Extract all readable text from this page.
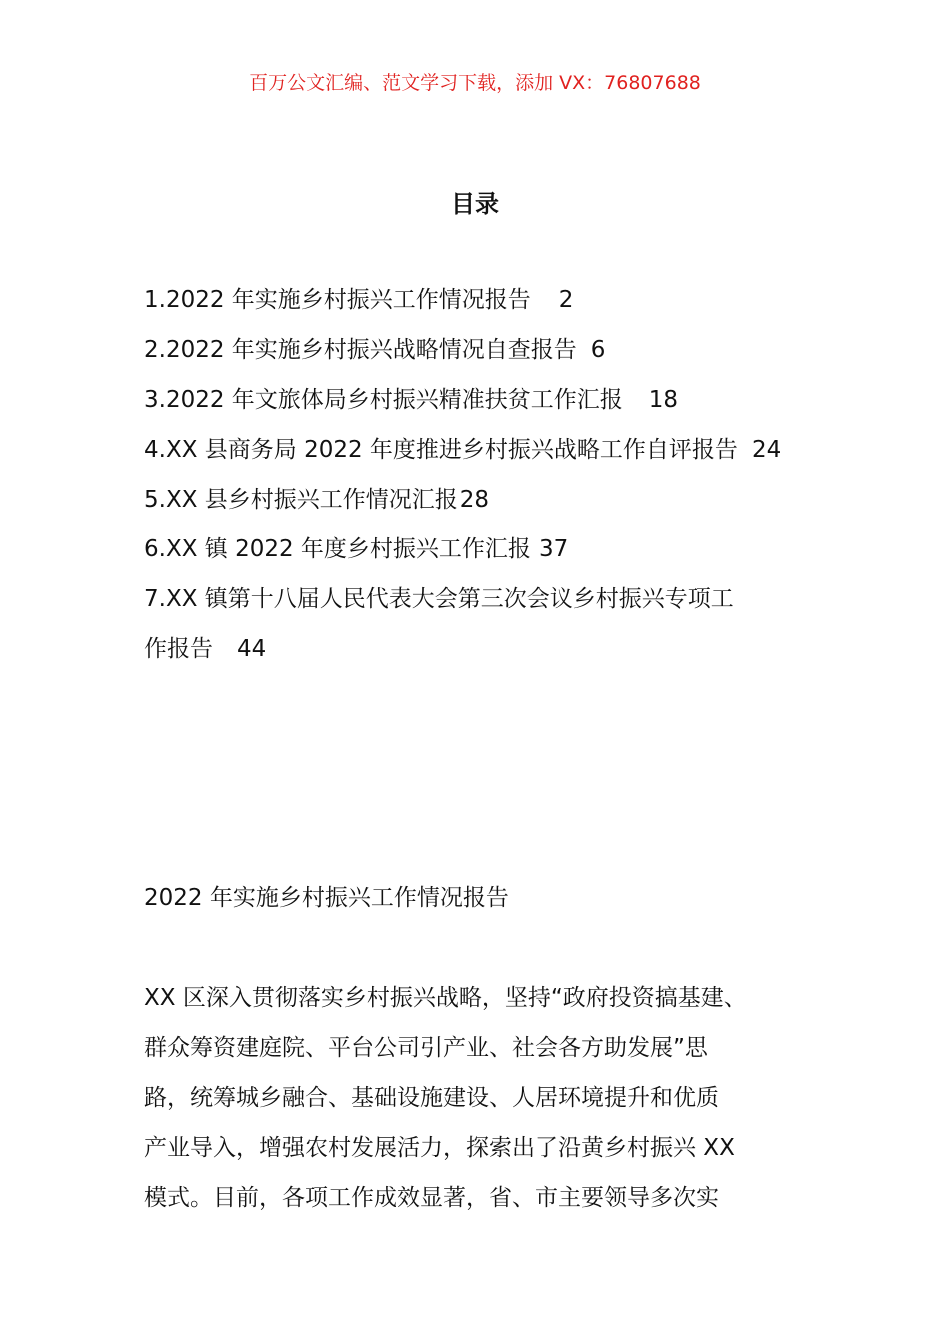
百万公文汇编、范文学习下载，添加 VX：76807688
目录
1.2022 年实施乡村振兴工作情况报告 2
2.2022 年实施乡村振兴战略情况自查报告 6
3.2022 年文旅体局乡村振兴精准扶贫工作汇报 18
4.XX 县商务局 2022 年度推进乡村振兴战略工作自评报告 24
5.XX 县乡村振兴工作情况汇报28
6.XX 镇 2022 年度乡村振兴工作汇报 37
7.XX 镇第十八届人民代表大会第三次会议乡村振兴专项工
作报告 44
2022 年实施乡村振兴工作情况报告
XX 区深入贯彻落实乡村振兴战略，坚持“政府投资搞基建、
群众筹资建庭院、平台公司引产业、社会各方助发展”思
路，统筹城乡融合、基础设施建设、人居环境提升和优质
产业导入，增强农村发展活力，探索出了沿黄乡村振兴 XX
模式。目前，各项工作成效显著，省、市主要领导多次实
